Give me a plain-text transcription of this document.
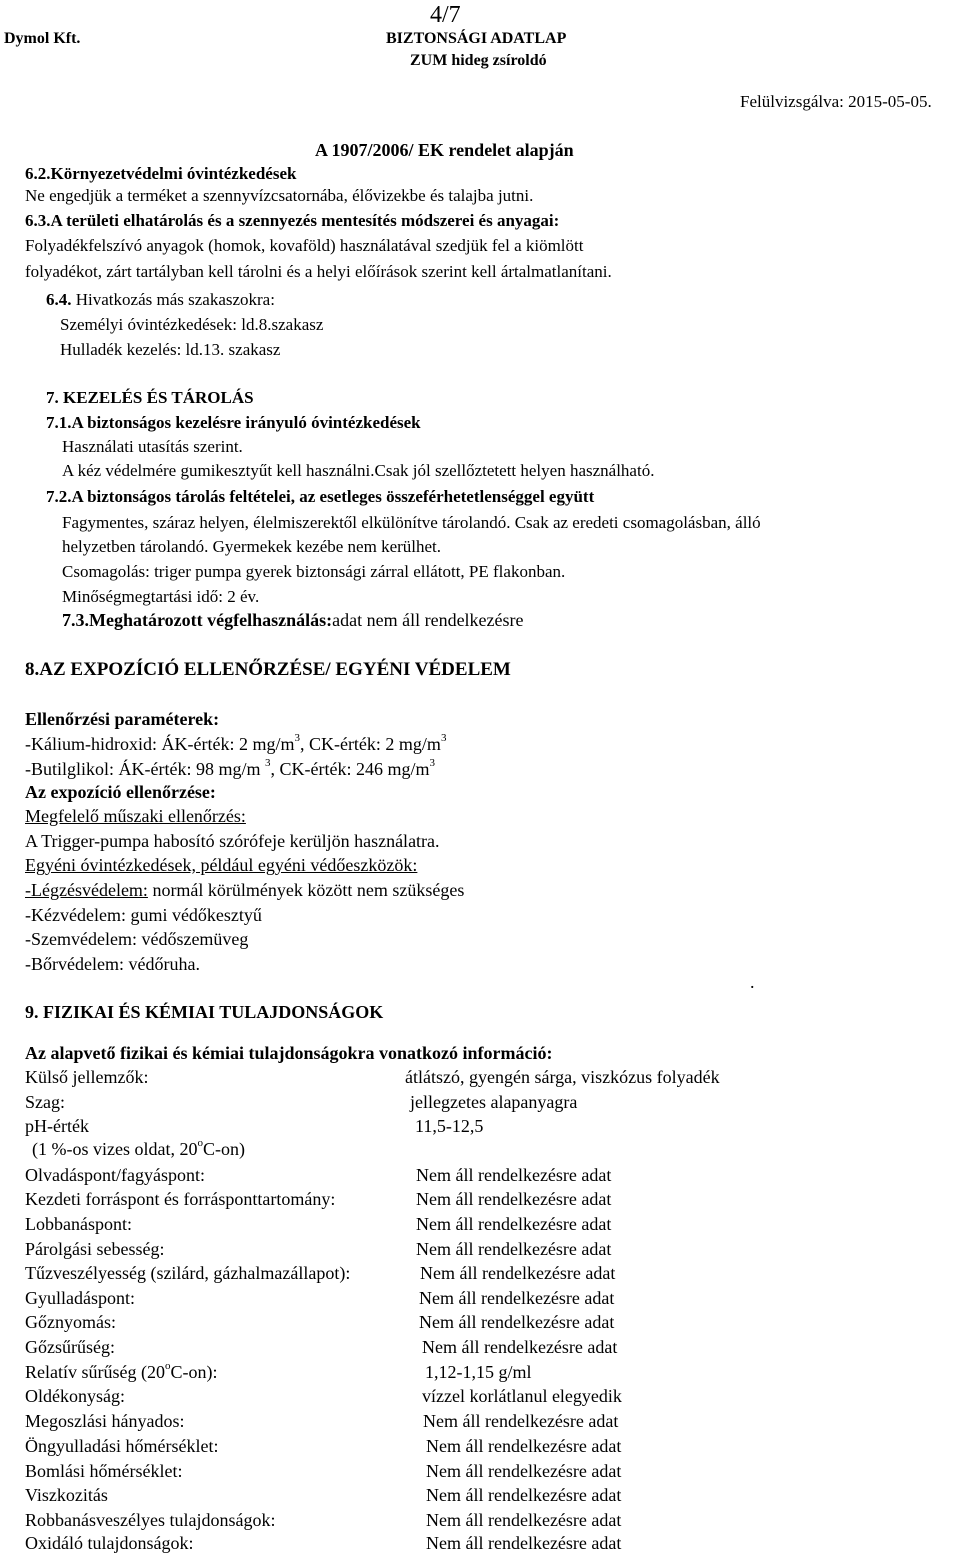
4/7
Dymol Kft.	BIZTONSÁGI ADATLAP
ZUM hideg zsíroldó
Felülvizsgálva: 2015-05-05.
A 1907/2006/ EK rendelet alapján
6.2.Környezetvédelmi óvintézkedések
Ne engedjük a terméket a szennyvízcsatornába, élővizekbe és talajba jutni.
6.3.A területi elhatárolás és a szennyezés mentesítés módszerei és anyagai:
Folyadékfelszívó anyagok (homok, kovaföld) használatával szedjük fel a kiömlött
folyadékot, zárt tartályban kell tárolni és a helyi előírások szerint kell ártalmatlanítani.
6.4. Hivatkozás más szakaszokra:
Személyi óvintézkedések: ld.8.szakasz
Hulladék kezelés: ld.13. szakasz
7. KEZELÉS ÉS TÁROLÁS
7.1.A biztonságos kezelésre irányuló óvintézkedések
Használati utasítás szerint.
A kéz védelmére gumikesztyűt kell használni.Csak jól szellőztetett helyen használható.
7.2.A biztonságos tárolás feltételei, az esetleges összeférhetetlenséggel együtt
Fagymentes, száraz helyen, élelmiszerektől elkülönítve tárolandó. Csak az eredeti csomagolásban, álló
helyzetben tárolandó. Gyermekek kezébe nem kerülhet.
Csomagolás: triger pumpa gyerek biztonsági zárral ellátott, PE flakonban.
Minőségmegtartási idő: 2 év.
7.3.Meghatározott végfelhasználás:adat nem áll rendelkezésre
8.AZ EXPOZÍCIÓ ELLENŐRZÉSE/ EGYÉNI VÉDELEM
Ellenőrzési paraméterek:
-Kálium-hidroxid: ÁK-érték: 2 $mg/m^3$, CK-érték: 2 $mg/m^3$
-Butilglikol: ÁK-érték: 98 mg/m $^3$, CK-érték: 246 $mg/m^3$
Az expozíció ellenőrzése:
Megfelelő műszaki ellenőrzés:
A Trigger-pumpa habosító szórófeje kerüljön használatra.
Egyéni óvintézkedések, például egyéni védőeszközök:
-Légzésvédelem: normál körülmények között nem szükséges
-Kézvédelem: gumi védőkesztyű
-Szemvédelem: védőszemüveg
-Bőrvédelem: védőruha.
.
9. FIZIKAI ÉS KÉMIAI TULAJDONSÁGOK
Az alapvető fizikai és kémiai tulajdonságokra vonatkozó információ:
Külső jellemzők:	átlátszó, gyengén sárga, viszkózus folyadék
Szag:	jellegzetes alapanyagra
pH-érték	11,5-12,5
(1 %-os vizes oldat, 20$^o$C-on)
Olvadáspont/fagyáspont:	Nem áll rendelkezésre adat
Kezdeti forráspont és forrásponttartomány:	Nem áll rendelkezésre adat
Lobbanáspont:	Nem áll rendelkezésre adat
Párolgási sebesség:	Nem áll rendelkezésre adat
Tűzveszélyesség (szilárd, gázhalmazállapot):	Nem áll rendelkezésre adat
Gyulladáspont:	Nem áll rendelkezésre adat
Gőznyomás:	Nem áll rendelkezésre adat
Gőzsűrűség:	Nem áll rendelkezésre adat
Relatív sűrűség (20$^o$C-on):	1,12-1,15 g/ml
Oldékonyság:	vízzel korlátlanul elegyedik
Megoszlási hányados:	Nem áll rendelkezésre adat
Öngyulladási hőmérséklet:	Nem áll rendelkezésre adat
Bomlási hőmérséklet:	Nem áll rendelkezésre adat
Viszkozitás	Nem áll rendelkezésre adat
Robbanásveszélyes tulajdonságok:	Nem áll rendelkezésre adat
Oxidáló tulajdonságok:	Nem áll rendelkezésre adat
